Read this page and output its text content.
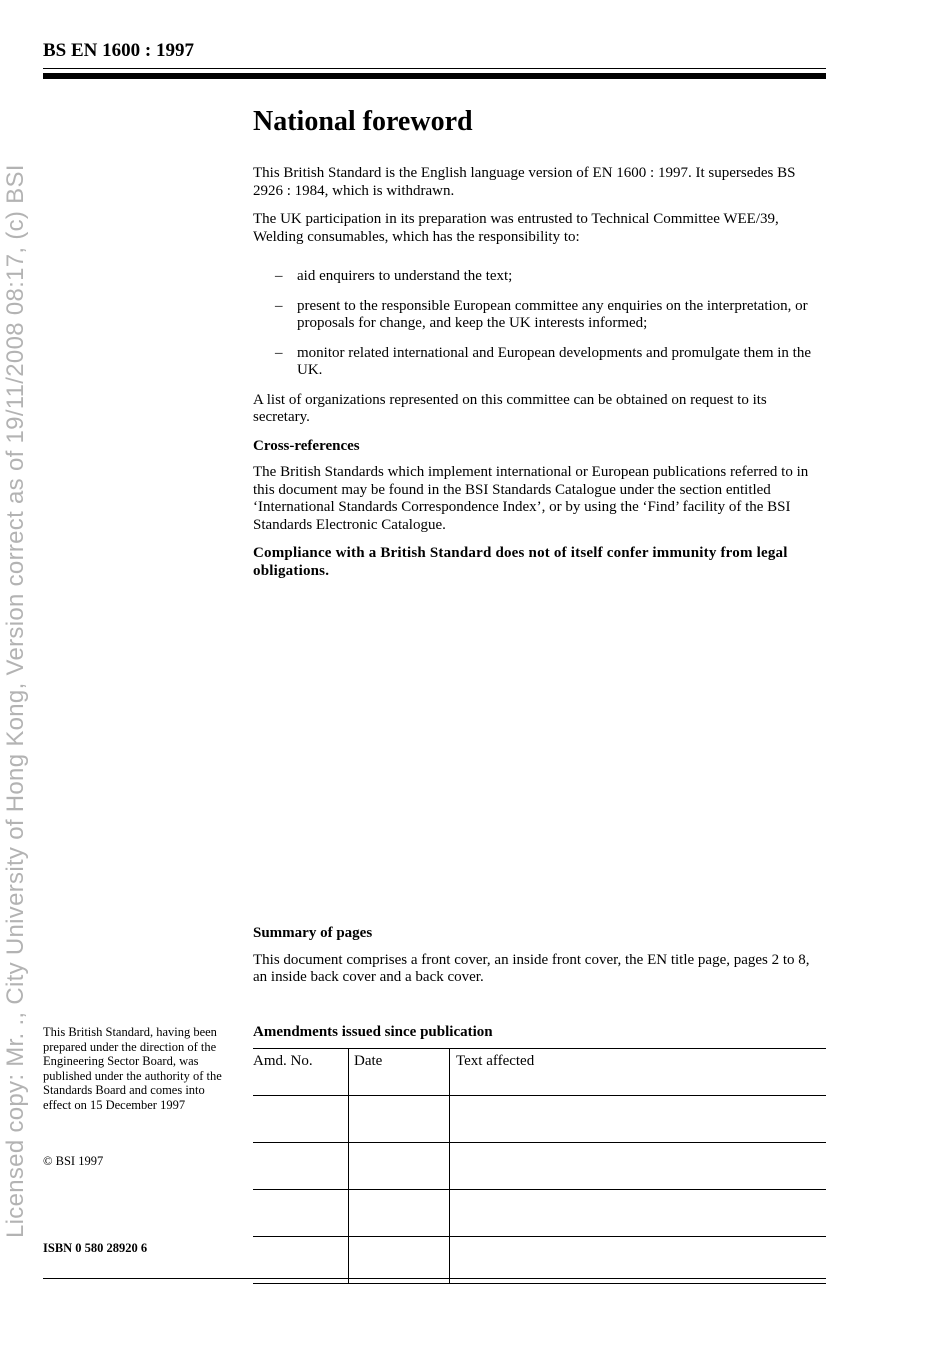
Licensed copy: Mr. ., City University of Hong Kong, Version correct as of 19/11/2008 08:17, (c) BSI
BS EN 1600 : 1997
National foreword

This British Standard is the English language version of EN 1600 : 1997. It supersedes BS 2926 : 1984, which is withdrawn.

The UK participation in its preparation was entrusted to Technical Committee WEE/39, Welding consumables, which has the responsibility to:

– aid enquirers to understand the text;
– present to the responsible European committee any enquiries on the interpretation, or proposals for change, and keep the UK interests informed;
– monitor related international and European developments and promulgate them in the UK.

A list of organizations represented on this committee can be obtained on request to its secretary.

Cross-references

The British Standards which implement international or European publications referred to in this document may be found in the BSI Standards Catalogue under the section entitled ‘International Standards Correspondence Index’, or by using the ‘Find’ facility of the BSI Standards Electronic Catalogue.

Compliance with a British Standard does not of itself confer immunity from legal obligations.

Summary of pages

This document comprises a front cover, an inside front cover, the EN title page, pages 2 to 8, an inside back cover and a back cover.

Amendments issued since publication
Amd. No.	Date	Text affected

This British Standard, having been prepared under the direction of the Engineering Sector Board, was published under the authority of the Standards Board and comes into effect on 15 December 1997
© BSI 1997
ISBN 0 580 28920 6
